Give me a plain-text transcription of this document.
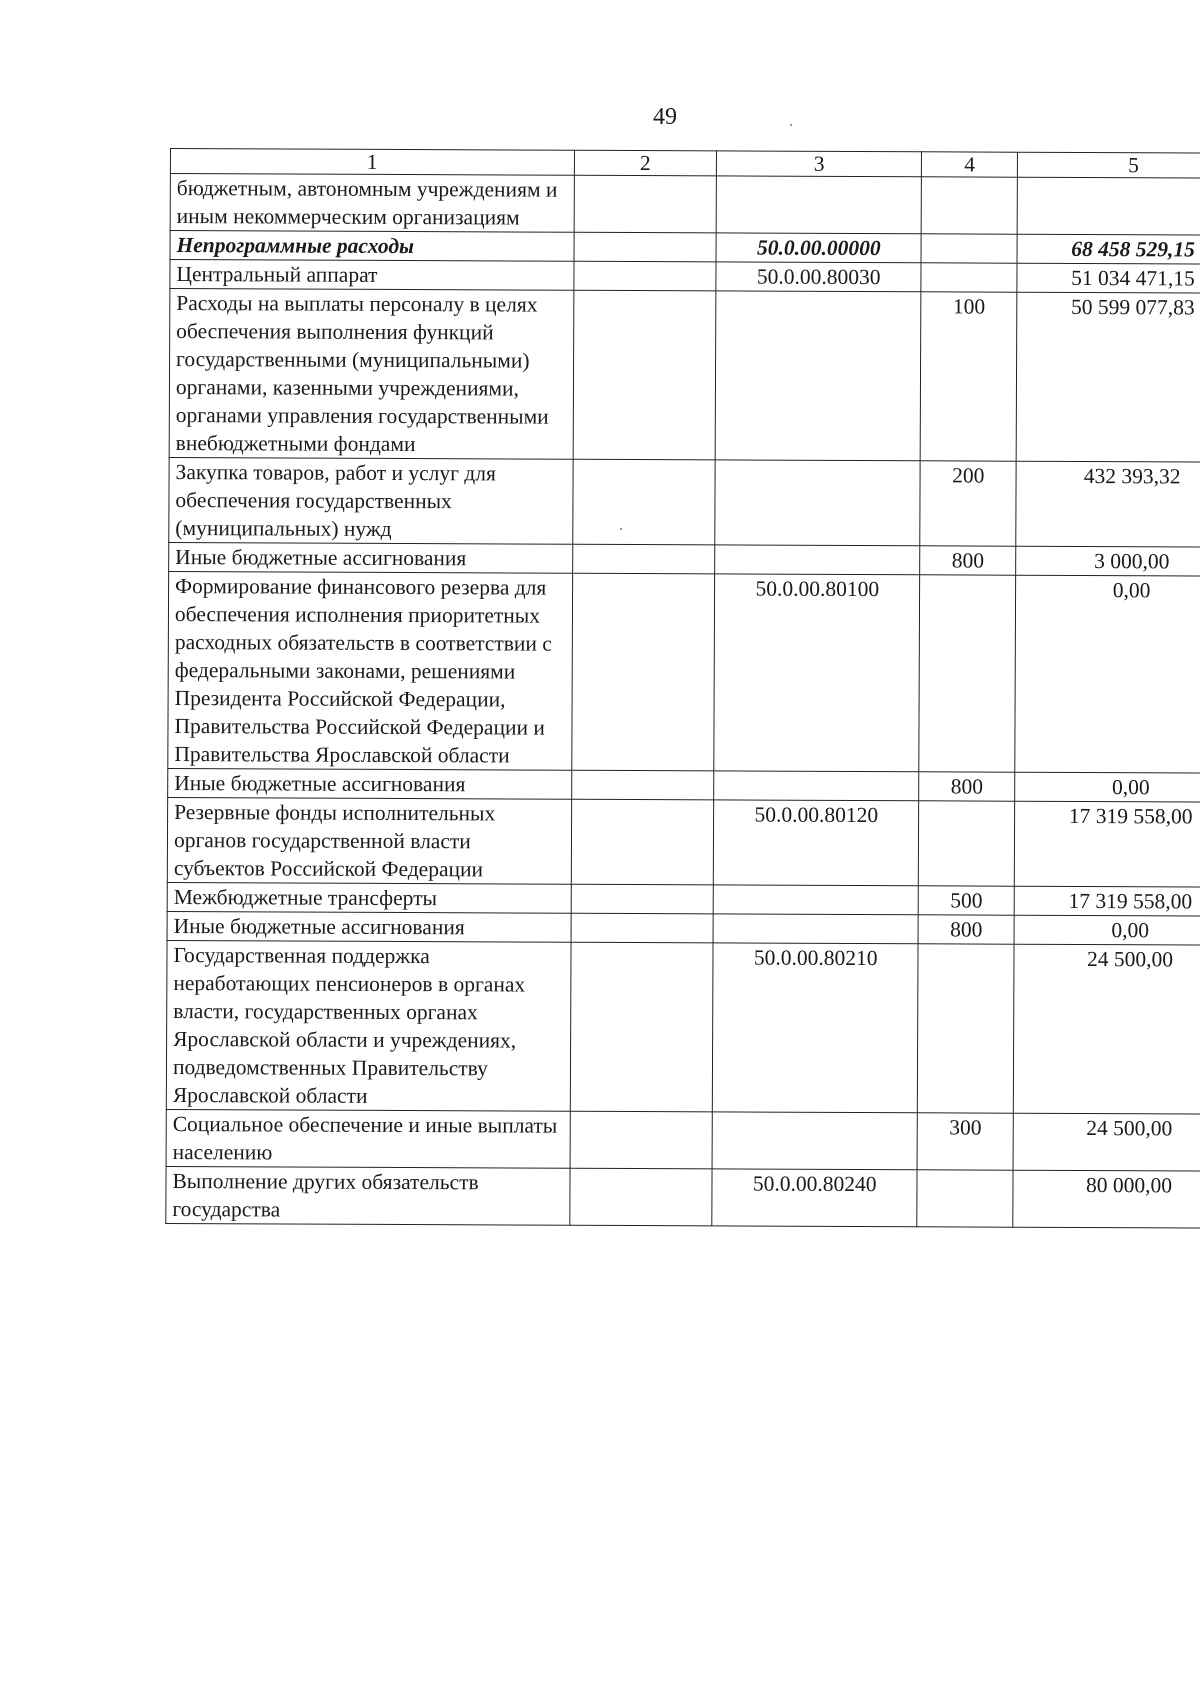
49
1	2	3	4	5
бюджетным, автономным учреждениям и иным некоммерческим организациям				
Непрограммные расходы		50.0.00.00000		68 458 529,15
Центральный аппарат		50.0.00.80030		51 034 471,15
Расходы на выплаты персоналу в целях обеспечения выполнения функций государственными (муниципальными) органами, казенными учреждениями, органами управления государственными внебюджетными фондами			100	50 599 077,83
Закупка товаров, работ и услуг для обеспечения государственных (муниципальных) нужд			200	432 393,32
Иные бюджетные ассигнования			800	3 000,00
Формирование финансового резерва для обеспечения исполнения приоритетных расходных обязательств в соответствии с федеральными законами, решениями Президента Российской Федерации, Правительства Российской Федерации и Правительства Ярославской области		50.0.00.80100		0,00
Иные бюджетные ассигнования			800	0,00
Резервные фонды исполнительных органов государственной власти субъектов Российской Федерации		50.0.00.80120		17 319 558,00
Межбюджетные трансферты			500	17 319 558,00
Иные бюджетные ассигнования			800	0,00
Государственная поддержка неработающих пенсионеров в органах власти, государственных органах Ярославской области и учреждениях, подведомственных Правительству Ярославской области		50.0.00.80210		24 500,00
Социальное обеспечение и иные выплаты населению			300	24 500,00
Выполнение других обязательств государства		50.0.00.80240		80 000,00
